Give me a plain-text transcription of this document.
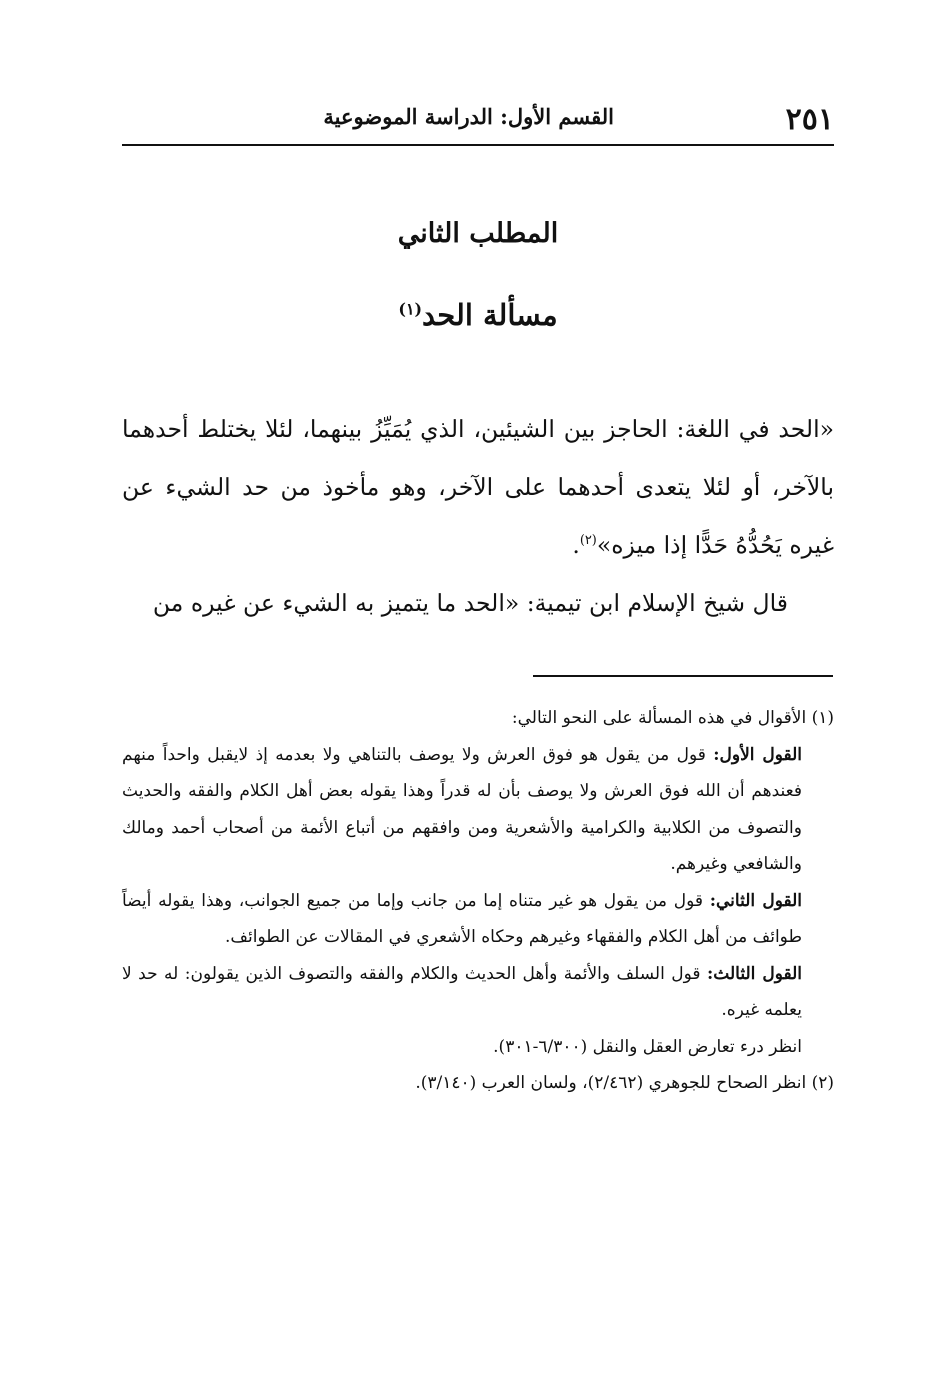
٢٥١
القسم الأول: الدراسة الموضوعية
المطلب الثاني
مسألة الحد$^{(١)}$

«الحد في اللغة: الحاجز بين الشيئين، الذي يُمَيِّزُ بينهما، لئلا يختلط أحدهما بالآخر، أو لئلا يتعدى أحدهما على الآخر، وهو مأخوذ من حد الشيء عن غيره يَحُدُّهُ حَدًّا إذا ميزه»$^{(٢)}$.

قال شيخ الإسلام ابن تيمية: «الحد ما يتميز به الشيء عن غيره من

(١) الأقوال في هذه المسألة على النحو التالي:

القول الأول: قول من يقول هو فوق العرش ولا يوصف بالتناهي ولا بعدمه إذ لايقبل واحداً منهم فعندهم أن الله فوق العرش ولا يوصف بأن له قدراً وهذا يقوله بعض أهل الكلام والفقه والحديث والتصوف من الكلابية والكرامية والأشعرية ومن وافقهم من أتباع الأئمة من أصحاب أحمد ومالك والشافعي وغيرهم.

القول الثاني: قول من يقول هو غير متناه إما من جانب وإما من جميع الجوانب، وهذا يقوله أيضاً طوائف من أهل الكلام والفقهاء وغيرهم وحكاه الأشعري في المقالات عن الطوائف.

القول الثالث: قول السلف والأئمة وأهل الحديث والكلام والفقه والتصوف الذين يقولون: له حد لا يعلمه غيره.

انظر درء تعارض العقل والنقل (٦/٣٠٠-٣٠١).

(٢) انظر الصحاح للجوهري (٢/٤٦٢)، ولسان العرب (٣/١٤٠).
